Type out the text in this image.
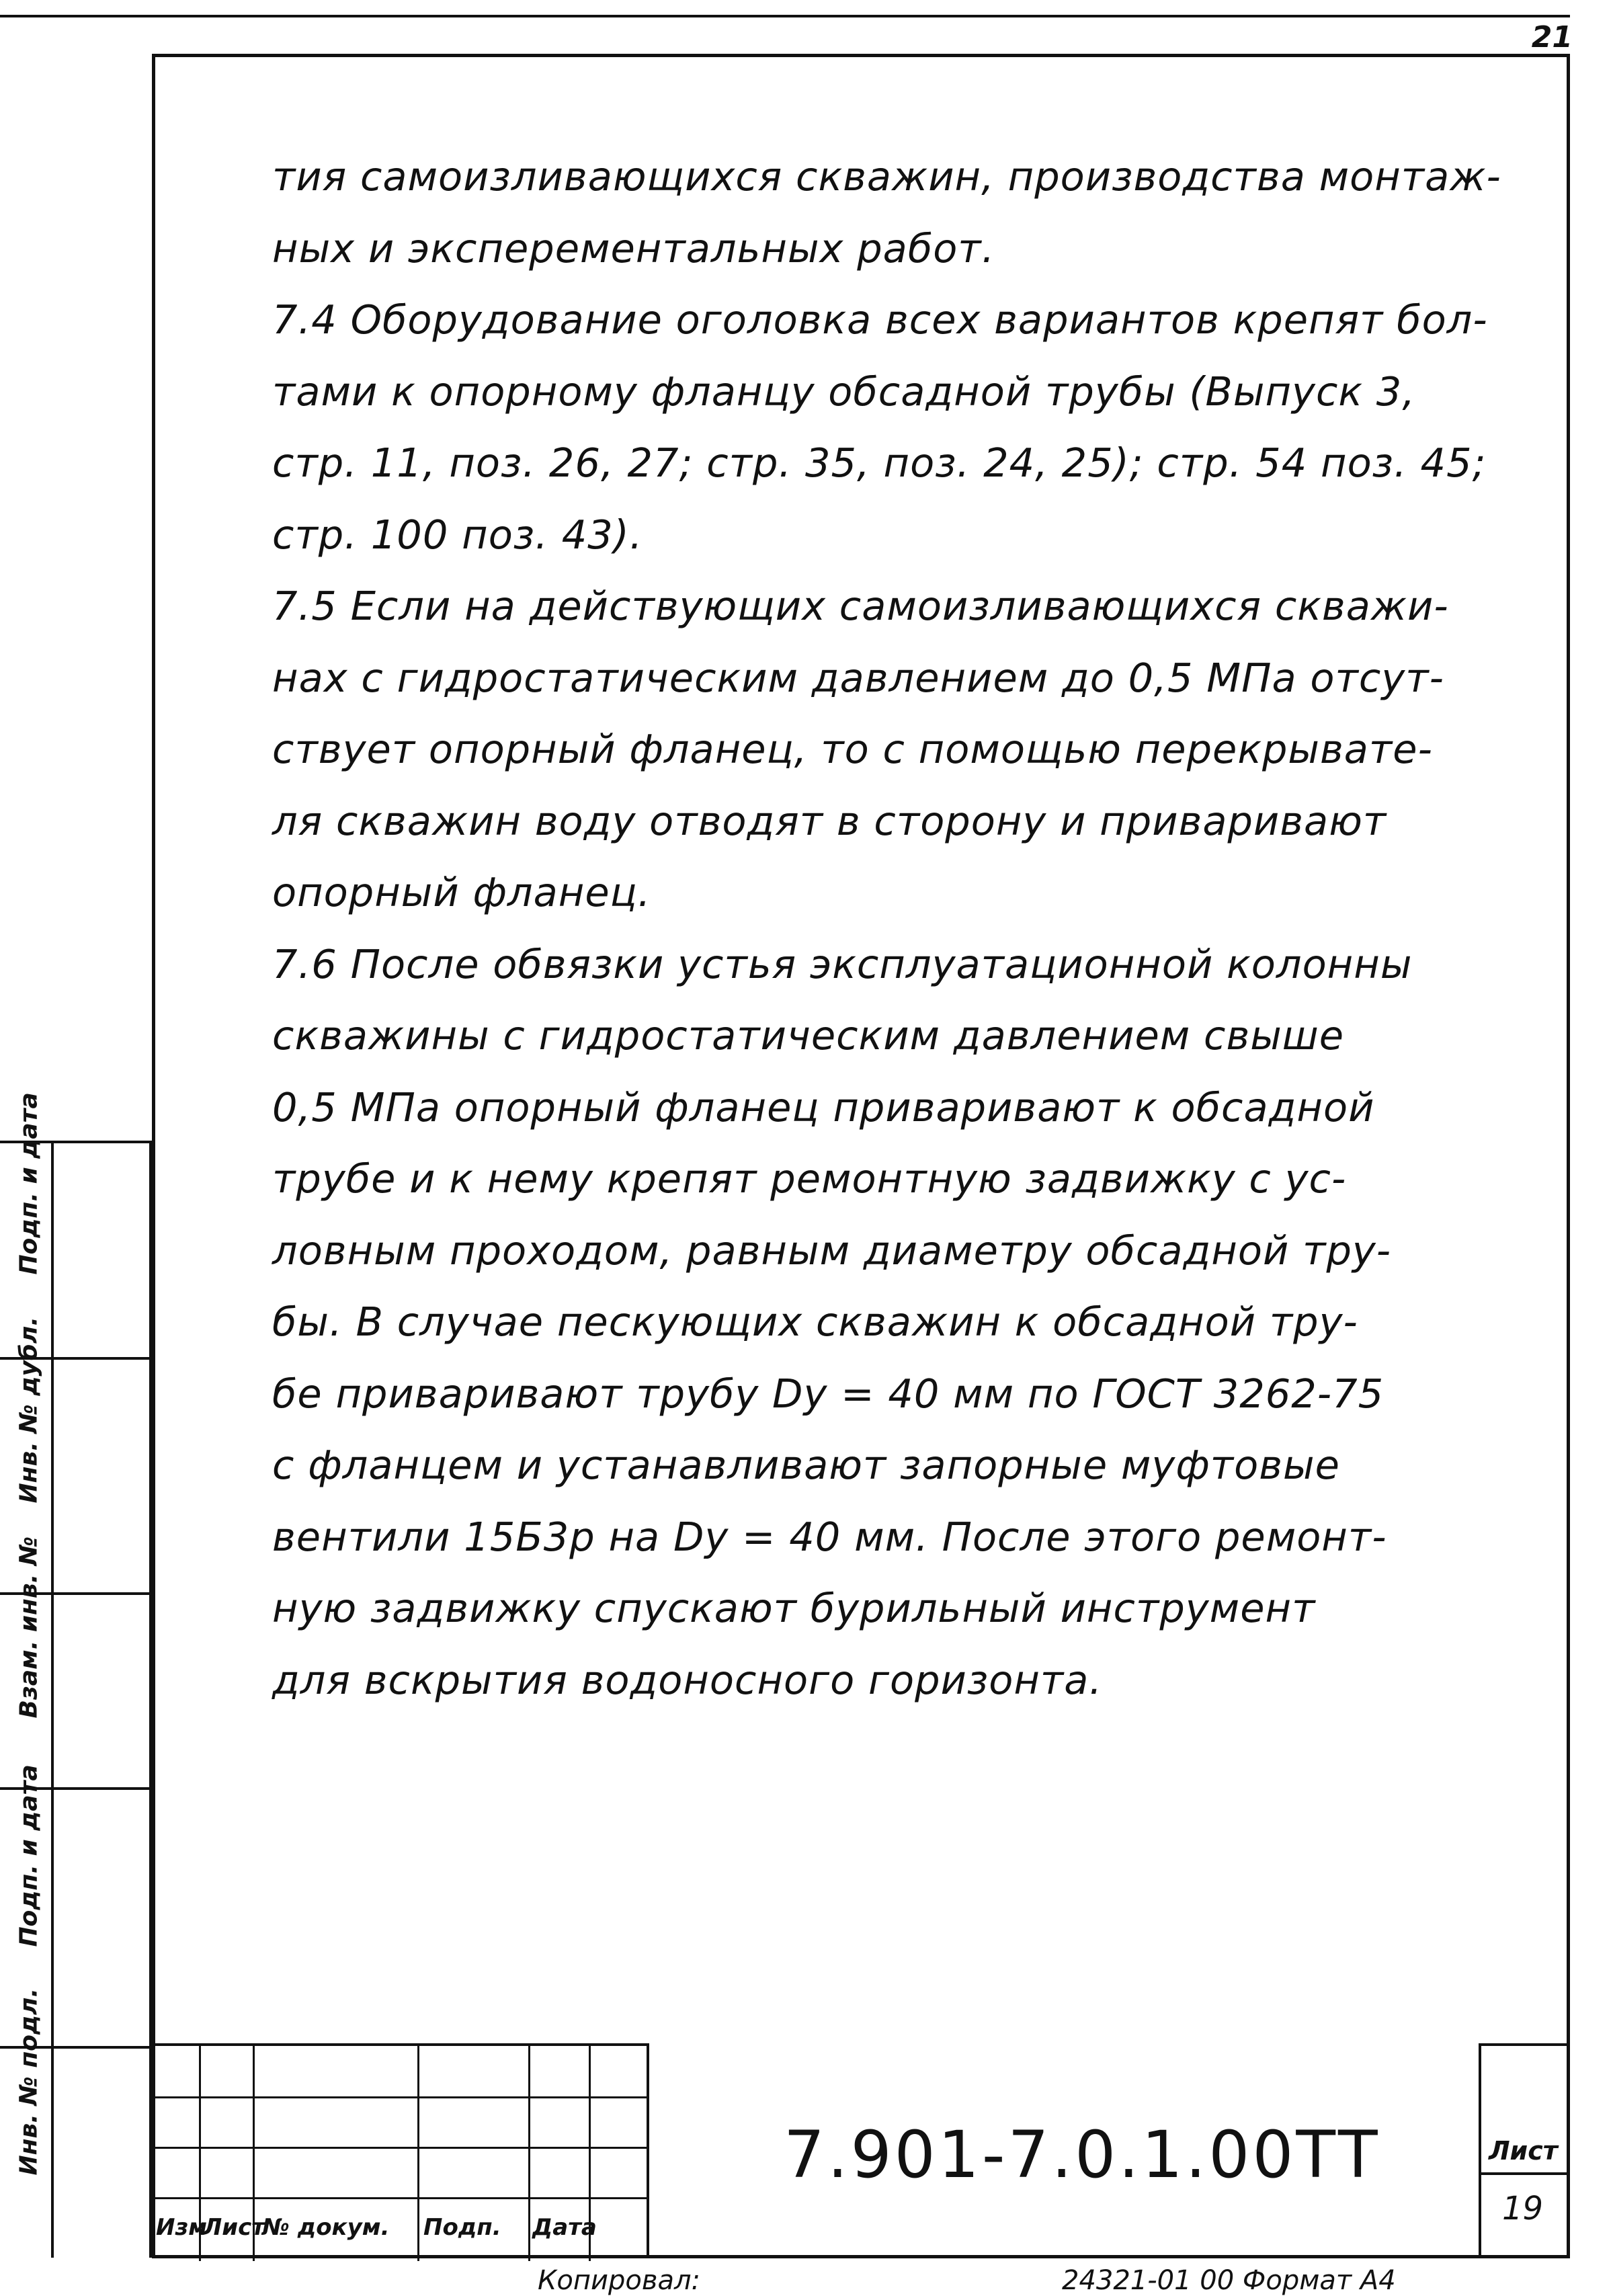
21
тия самоизливающихся скважин, производства монтаж-
ных и эксперементальных работ.
7.4 Оборудование оголовка всех вариантов крепят бол-
тами к опорному фланцу обсадной трубы (Выпуск 3,
стр. 11, поз. 26, 27; стр. 35, поз. 24, 25); стр. 54 поз. 45;
стр. 100 поз. 43).
7.5 Если на действующих самоизливающихся скважи-
нах с гидростатическим давлением до 0,5 МПа отсут-
ствует опорный фланец, то с помощью перекрывате-
ля скважин воду отводят в сторону и приваривают
опорный фланец.
7.6 После обвязки устья эксплуатационной колонны
скважины с гидростатическим давлением свыше
0,5 МПа опорный фланец приваривают к обсадной
трубе и к нему крепят ремонтную задвижку с ус-
ловным проходом, равным диаметру обсадной тру-
бы. В случае пескующих скважин к обсадной тру-
бе приваривают трубу Dy = 40 мм по ГОСТ 3262-75
с фланцем и устанавливают запорные муфтовые
вентили 15Б3р на Dy = 40 мм. После этого ремонт-
ную задвижку спускают бурильный инструмент
для вскрытия водоносного горизонта.
Подп. и дата
Инв. № дубл.
Взам. инв. №
Подп. и дата
Инв. № подл.
Изм
Лист
№ докум. Подп. Дата
7.901-7.0.1.00ТТ	Лист
19
Копировал:	24321-01 00 Формат А4
